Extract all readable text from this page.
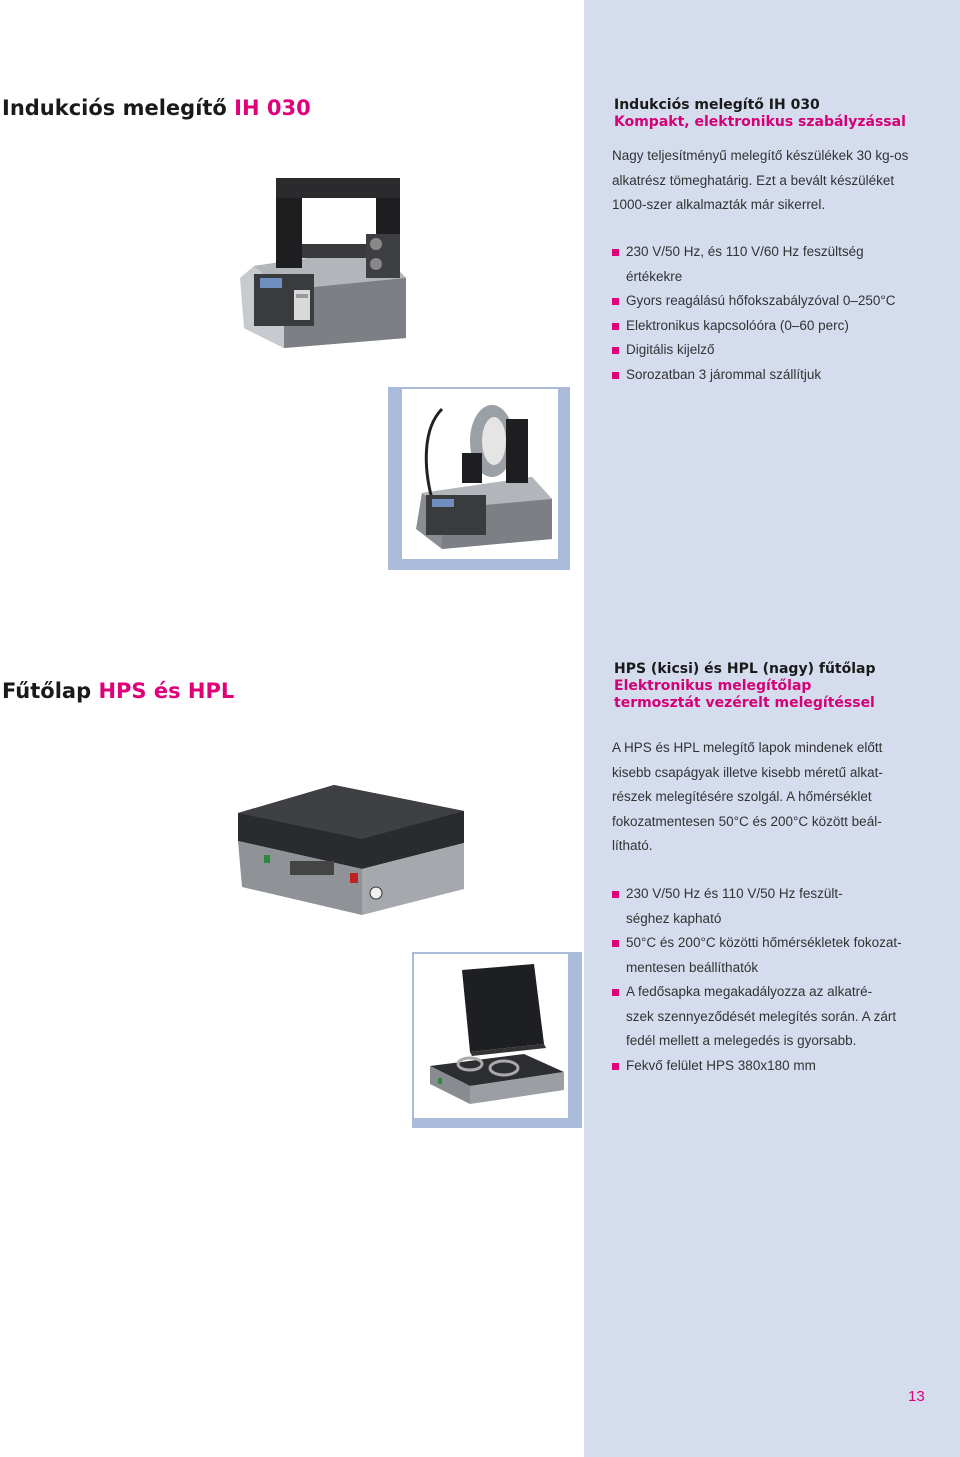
Indukciós melegítő IH 030	Indukciós melegítő IH 030
Kompakt, elektronikus szabályzással
Nagy teljesítményű melegítő készülékek 30 kg-os
alkatrész tömeghatárig. Ezt a bevált készüléket
1000-szer alkalmazták már sikerrel.
230 V/50 Hz, és 110 V/60 Hz feszültség
értékekre
Gyors reagálású hőfokszabályzóval 0–250°C
Elektronikus kapcsolóóra (0–60 perc)
Digitális kijelző
Sorozatban 3 járommal szállítjuk
Fűtőlap HPS és HPL
HPS (kicsi) és HPL (nagy) fűtőlap
Elektronikus melegítőlap
termosztát vezérelt melegítéssel
A HPS és HPL melegítő lapok mindenek előtt
kisebb csapágyak illetve kisebb méretű alkat-
részek melegítésére szolgál. A hőmérséklet
fokozatmentesen 50°C és 200°C között beál-
lítható.
230 V/50 Hz és 110 V/50 Hz feszült-
séghez kapható
50°C és 200°C közötti hőmérsékletek fokozat-
mentesen beállíthatók
A fedősapka megakadályozza az alkatré-
szek szennyeződését melegítés során. A zárt
fedél mellett a melegedés is gyorsabb.
Fekvő felület HPS 380x180 mm
13
